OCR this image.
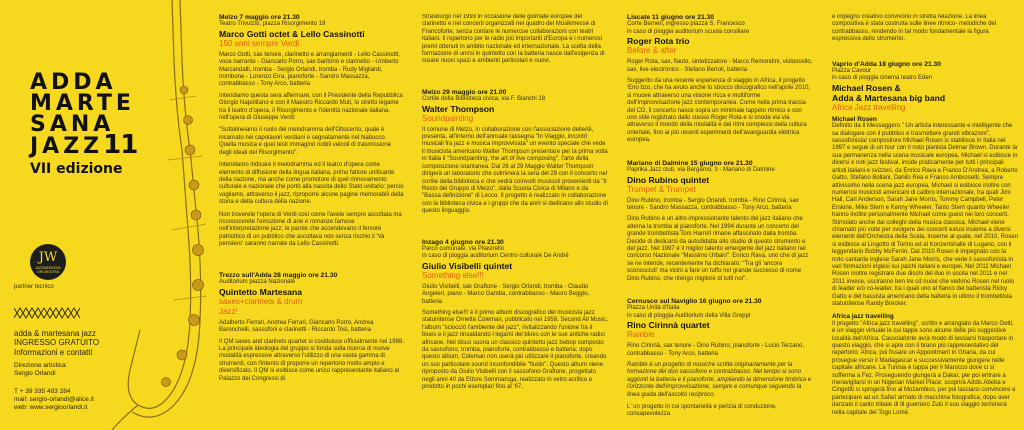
ADDA
MARTE
SANA
JAZZ11
VII edizione
JW
JAZZWEEKEND ORCHESTRA
partner tecnico
adda & martesana jazz
INGRESSO GRATUITO
Informazioni e contatti
Direzione artistica:
Sergio Orlandi
T + 39 335 483 284
mail: sergio-orlandi@alice.it
web: www.sergioorlandi.it
Melzo 7 maggio ore 21.30
Teatro Trivulzio, piazza Risorgimento 19
Marco Gotti octet & Lello Cassinotti
150 anni sempre Verdi

Marco Gotti, sax tenore, clarinetto e arrangiamenti - Lello Cassinotti, voce narrante - Giancarlo Porro, sax baritono e clarinetto - Umberto Marcandalli, tromba - Sergio Orlandi, tromba - Rudy Migliardi, trombone - Lorenzo Erra, pianoforte - Sandro Massazza, contrabbasso - Tony Arco, batteria

Intendiamo questa sera affermare, con il Presidente della Repubblica Giorgio Napolitano e con il Maestro Riccardo Muti, lo stretto legame tra il teatro d'opera, il Risorgimento e l'identità nazionale italiana, nell'opera di Giuseppe Verdi:

"Sottolineiamo il ruolo del melodramma dell'Ottocento, quale è incarnato nei capolavori verdiani e segnatamente nel Nabucco. Quella musica e quei testi immaginò nobili veicoli di trasmissione degli ideali del Risorgimento".

Intendiamo indicare il melodramma ed il teatro d'opera come elemento di diffusione della lingua italiana, primo fattore unificante della nazione, ma anche come promotore di quel rinnovamento culturale e nazionale che portò alla nascita dello Stato unitario: perciò vogliamo, attraverso il jazz, riproporre alcune pagine memorabili della storia e della cultura della nazione.

Non troverete l'opera di Verdi così come l'avete sempre ascoltata ma riconoscerete l'emozione di arie e romanze famose nell'interpretazione jazz; le parole che accendevano il fervore patriottico di un pubblico che ascoltava non senza rischio il 'Va pensiero' saranno narrate da Lello Cassinotti.

Trezzo sull'Adda 28 maggio ore 21.30
Auditorium piazza Nazionale
Quintetto Martesana
saxes+clarinets & drum
Jazz!

Adalberto Ferrari, Andrea Ferrari, Giancarlo Porro, Andrea Baronchelli, sassofoni e clarinetti - Riccardo Tosi, batteria

Il QM saxes and clarinets quartet si costituisce ufficialmente nel 1988. La principale ideologia del gruppo si fonda sulla ricerca di nuove modalità espressive attraverso l'utilizzo di una vasta gamma di strumenti, con l'intento di proporre un repertorio molto ampio e diversificato. Il QM si esibisce come unico rappresentante italiano al Palazzo dei Congressi di

Strasburgo nel 1993 in occasione delle giornate europee del clarinetto e nei concerti organizzati nel quadro del Musikmesse di Francoforte, senza contare le numerose collaborazioni con teatri italiani. Il repertorio per le radio più importanti d'Europa e i numerosi premi ottenuti in ambito nazionale ed internazionale. La scelta della formazione di unirsi in quintetto con la batteria nasce dall'esigenza di creare nuovi spazi e ambienti particolari e nuovi.

Melzo 29 maggio ore 21.00
Cortile della Biblioteca civica, via F. Bianchi 18
Walter Thompson
Soundpainting

Il comune di Melzo, in collaborazione con l'associazione delleAli, presenta, all'interno dell'annuale rassegna "In Viaggio, incontri musicali fra jazz e musica improvvisata" un evento speciale che vede il musicista americano Walter Thompson presentare per la prima volta in Italia il "Soundpainting, the art of live composing", l'arte della composizione istantanea. Dal 26 al 29 Maggio Walter Thompson dirigerà un laboratorio che culminerà la sera del 29 con il concerto nel cortile della biblioteca e che vedrà coinvolti musicisti provenienti da "Il Resto del Gruppo di Melzo", dalla Scuola Civica di Milano e da "Bassa definizione" di Lecco. Il progetto è realizzato in collaborazione con la biblioteca civica e i gruppi che da anni si dedicano allo studio di questo linguaggio.

Inzago 4 giugno ore 21.30
Parco comunale, via Pilastrello
in caso di pioggia auditorium Centro culturale De André
Giulio Visibelli quintet
Something else!!!

Giulio Visibelli, sax Graftone - Sergio Orlandi, tromba - Claudio Angeleri, piano - Marco Gamba, contrabbasso - Mauro Beggio, batteria

Something else!!! è il primo album discografico del musicista jazz statunitense Ornette Coleman, pubblicato nel 1958. Second All Music, l'album "sciocciò l'ambiente del jazz", rivitalizzando l'unione fra il blues e il jazz rinsaldando i legami del blues con le sue antiche radici africane. Nel disco suona un classico quintetto jazz bebop composto da sassofono, tromba, pianoforte, contrabbasso e batteria; dopo questo album, Coleman non userà più utilizzare il pianoforte, creando un suo particolare sound inconfondibile "fluido". Questo album viene riproposto da Giulio Visibelli con il sassofono Graftone, progettato negli anni 40 da Ettore Sommaruga, realizzato in vetro acrilico e prodotto in pochi esemplari fino al '67.

Liscate 11 giugno ore 21.30
Corte Berneri, ingresso piazza S. Francesco
in caso di pioggia auditorium scuola consiliare
Roger Rota trio
Before & after

Roger Rota, sax, flauto, sintetizzatore - Marco Remondini, violoncello, sax, live electronics - Stefano Bertoli, batteria

Suggerito da una recente esperienza di viaggio in Africa, il progetto 'Eno bzo, che ha avuto anche lo sbocco discografico nell'aprile 2010, si muove attraverso una visione ricca e multiforme dell'improvvisazione jazz contemporanea. Come nella prima traccia del CD, il concerto nasce sopra un minimale tappeto ritmico e con uno stile registrato dallo stesso Roger Rota e si snoda via via attraverso il mondo della modalità e dei ritmi complessi della cultura orientale, fino ai più recenti esperimenti dell'avanguardia elettrica europea.

Mariano di Dalmine 15 giugno ore 21.30
Paprika Jazz club, via Bergamo, 3 - Mariano di Dalmine
Dino Rubino quintet
Trumpet & Trumpet

Dino Rubino, tromba - Sergio Orlandi, tromba - Rino Cirinnà, sax tenore - Sandro Massazza, contrabbasso - Tony Arco, batteria

Dino Rubino è un altro impressionante talento del jazz italiano che alterna la tromba al pianoforte. Nel 1994 durante un concerto del grande trombettista Tom Harrell rimane affascinato dalla tromba. Decide di dedicarsi da autodidatta allo studio di questo strumento e del jazz. Nel 1997 è il miglior talento emergente del jazz italiano nel concorso Nazionale "Massimo Urbani". Enrico Rava, uno che di jazz se ne intende, recentemente ha dichiarato: "Tra gli 'ancora sconosciuti' ma vicini a fare un tuffo nel grande successo di nome Dino Rubino, che ritengo migliore di tutti noi".

Cernusco sul Naviglio 16 giugno ore 21.30
Piazza Unità d'Italia
in caso di pioggia Auditorium della Villa Greppi
Rino Cirinnà quartet
Ramble

Rino Cirinnà, sax tenore - Dino Rubino, pianoforte - Lucio Terzano, contrabbasso - Tony Arco, batteria

Ramble è un progetto di musiche scritte originariamente per la formazione del duo sassofono e contrabbasso. Nel tempo si sono aggiunti la batteria e il pianoforte, ampliando la dimensione timbrica e l'orizzonte dell'improvvisazione, sempre e comunque seguendo la linea guida dell'ascolto reciproco.

L' un progetto in cui spontaneità e perizia di conduzione, consapevolezza

e impegno creativo convivono in stretta relazione. La linea compositiva è stata costruita sulle linee ritmico- melodiche del contrabbasso, rendendo in tal modo fondamentale la figura espressiva dello strumento.

Vaprio d'Adda 18 giugno ore 21.30
Piazza Cavour
in caso di pioggia cinema teatro Eden
Michael Rosen &
Adda & Martesana big band
Africa Jazz travelling
Michael Rosen

Definito da Il Messaggero " Un artista interessante e intelligente che sa dialogare con il pubblico e trasmettere grandi vibrazioni", sassofonista/ compositore Michael Rosen si stabilisce in Italia nel 1997 e segue di un tour con il noto pianista Delmar Brown. Durante la sua permanenza nella scena musicale europea, Michael si esibisce in diversi e noti jazz festival, incide praticamente per tutti i principali artisti italiani e svizzeri, da Enrico Rava e Franco D'Andrea, a Roberto Gatto, Stefano Bollani, Danilo Rea e Franco Ambrosetti. Sempre attivissimo nella scena jazz europea, Michael si esibisce inoltre con numerosi musicisti americani di calibro internazionale, tra quali Jimi Hall, Carl Anderson, Sarah Jane Morris, Tommy Campbell, Peter Erskine, Mike Stern e Kenny Wheeler. Tanto Stern quanto Wheeler hanno inoltre personalmente Michael come guest nei loro concerti. Stimolato anche dai colleghi della musica classica, Michael viene chiamato più volte per svolgere dei concerti exlusi insieme a diversi elementi dell'Orchestra della Scala, insieme al quale, nel 2010, Rosen si esibisce al Lingotto di Torino ed al Konzertshalle di Lugano, con il leggendario Bobby McFerrin. Dal 2010 Rosen è impegnato con la noto cantante inglese Sarah Jane Morris, che vede il sassofonista in vari formazioni inglesi sui palchi italiani e europei. Nel 2011 Michael Rosen inoltre registrare due dischi del duo in uscita nel 2011 e nel 2011 invece, usciranno ben tre cd nuovi che vedono Rosen nel ruolo di leader e/o co-leader, tra i quali uno al fianco del batterista Ricky Gatto e del bassista americano della batteria in ultimo il trombettista statunitense Randy Brecker.

Africa jazz travelling

Il progetto "Africa jazz travelling", scritto e arrangiato da Marco Gotti, è un viaggio virtuale le cui tappe sono alcune delle più suggestive località dell'Africa. Cassolafonte avrà modo di lasciarsi trasportare in questo viaggio, che si apre con il brano più rappresentativo del repertorio: Africa, poi fissare un Appointment in Ghana, da cui prosegue verso il Madagascar e successivamente giungere nelle capitale africane. La Tunisia è tappa per il Marocco dove ci si sofferma a Fez. Proseguendo giungerà a Dakar, per poi entrare a meravigliarsi in un Nigerian Market Place; scoprirà Addis Abeba e Cingettti si spingerà fino al Mozambico, per poi lasciarsi convincere e partecipare ad un Safari armato di macchina fotografica; dopo aver danzato il canto tribale di Ill guerriero Zulù il suo viaggio terminerà nella capitale del Togo Lomé.
